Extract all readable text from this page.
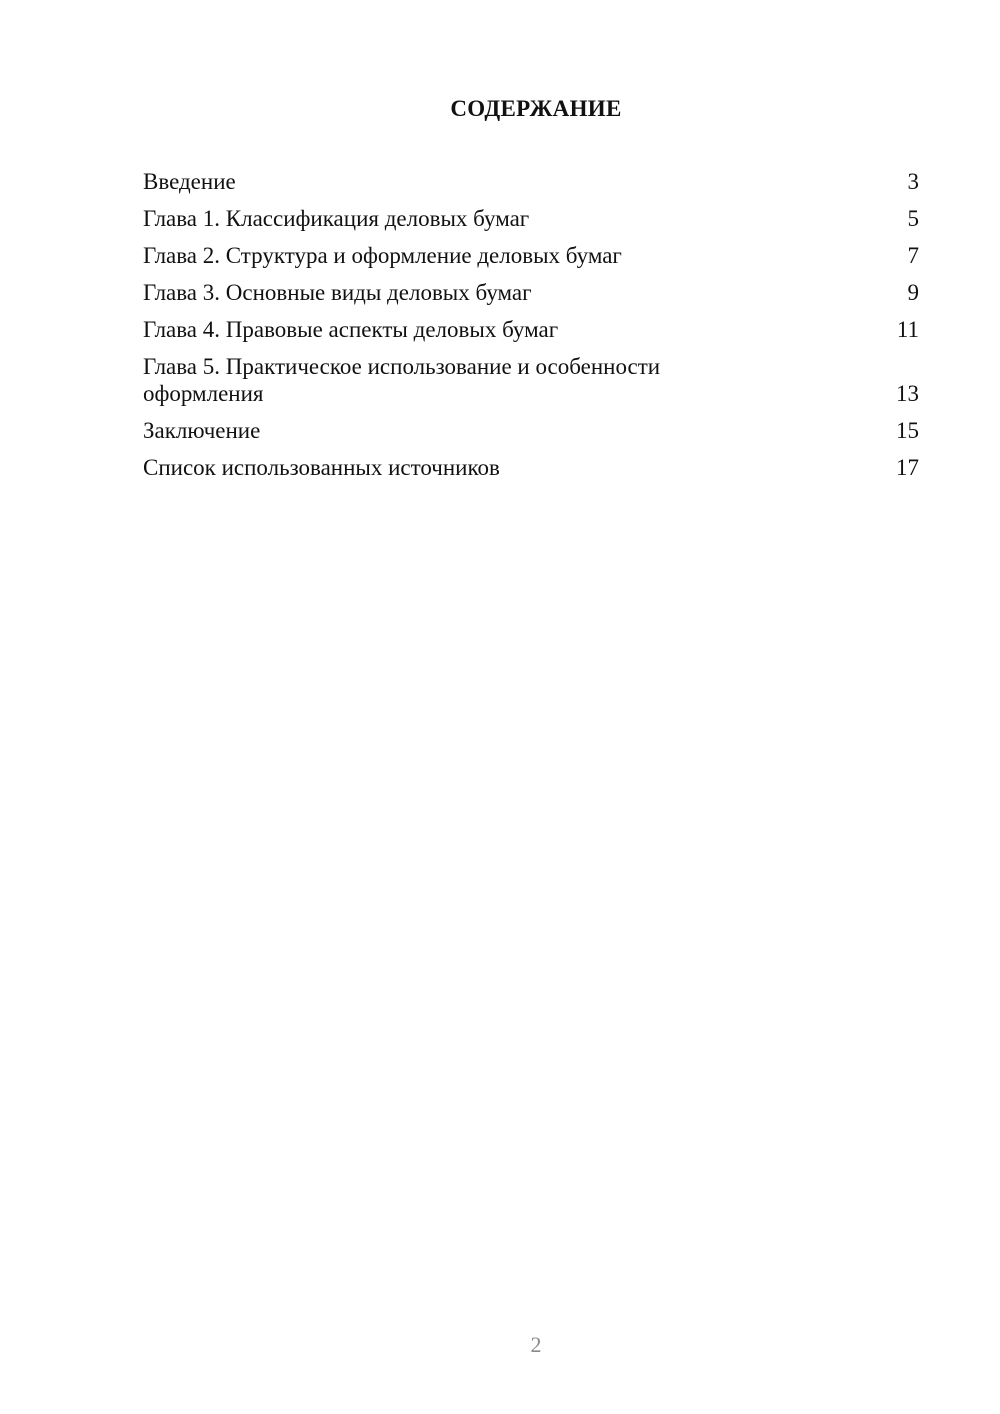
СОДЕРЖАНИЕ
Введение	3
Глава 1. Классификация деловых бумаг	5
Глава 2. Структура и оформление деловых бумаг	7
Глава 3. Основные виды деловых бумаг	9
Глава 4. Правовые аспекты деловых бумаг	11
Глава 5. Практическое использование и особенности оформления	13
Заключение	15
Список использованных источников	17
2
